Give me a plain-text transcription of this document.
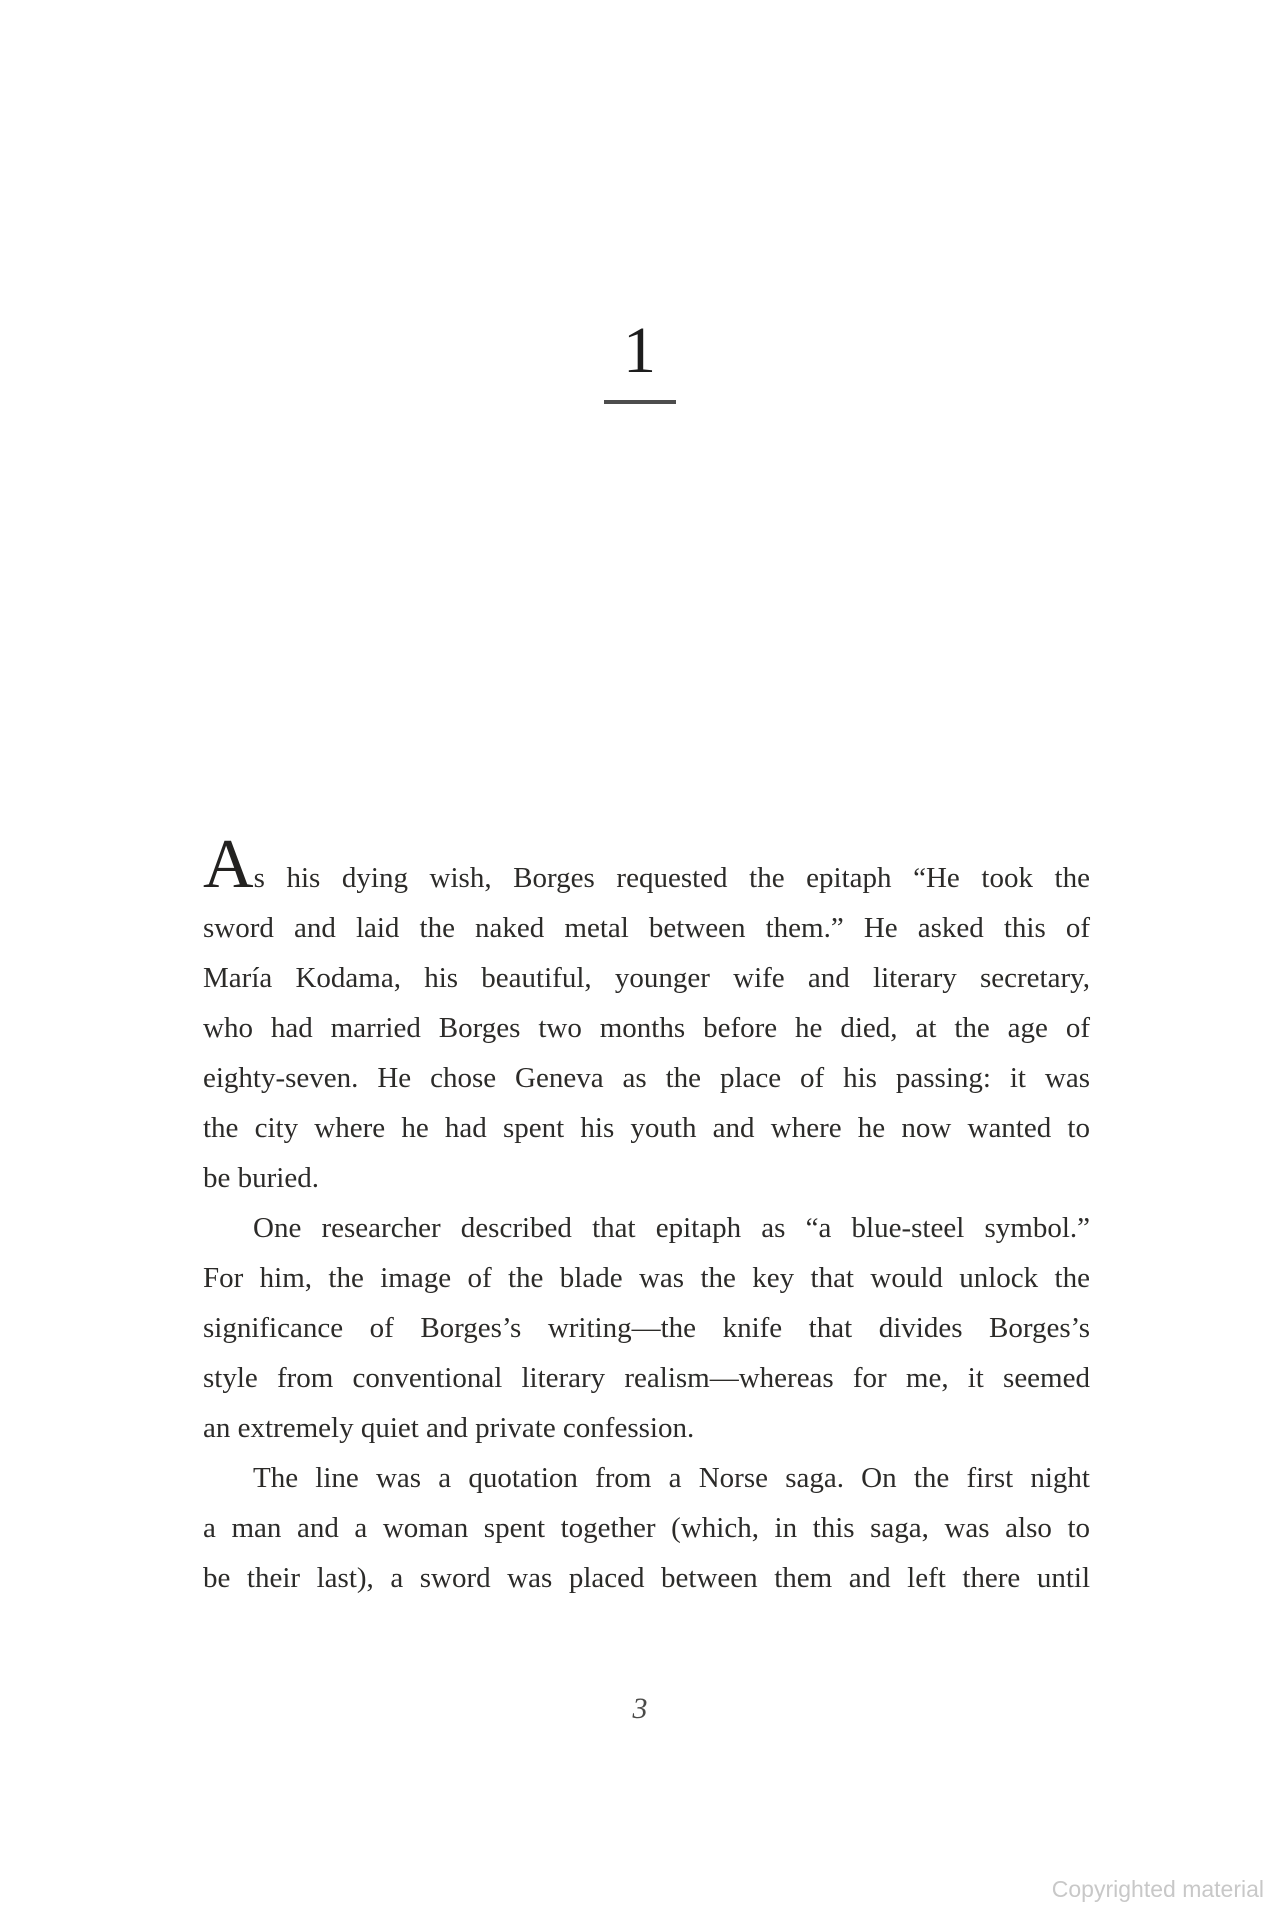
1
As his dying wish, Borges requested the epitaph “He took the
sword and laid the naked metal between them.” He asked this of
María Kodama, his beautiful, younger wife and literary secretary,
who had married Borges two months before he died, at the age of
eighty-seven. He chose Geneva as the place of his passing: it was
the city where he had spent his youth and where he now wanted to
be buried.
One researcher described that epitaph as “a blue-steel symbol.”
For him, the image of the blade was the key that would unlock the
significance of Borges’s writing—the knife that divides Borges’s
style from conventional literary realism—whereas for me, it seemed
an extremely quiet and private confession.
The line was a quotation from a Norse saga. On the first night
a man and a woman spent together (which, in this saga, was also to
be their last), a sword was placed between them and left there until
3
Copyrighted material
